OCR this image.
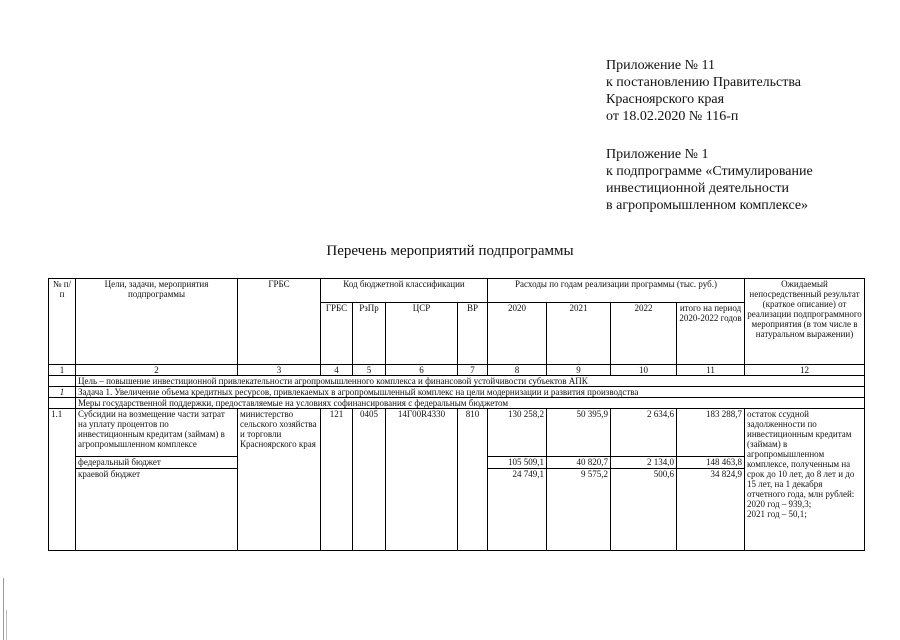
Приложение № 11
к постановлению Правительства
Красноярского края
от 18.02.2020 № 116-п
Приложение № 1
к подпрограмме «Стимулирование
инвестиционной деятельности
в агропромышленном комплексе»
Перечень мероприятий подпрограммы
№ п/п	Цели, задачи, мероприятия подпрограммы	ГРБС	Код бюджетной классификации				Расходы по годам реализации программы (тыс. руб.)				Ожидаемый непосредственный результат (краткое описание) от реализации подпрограммного мероприятия (в том числе в натуральном выражении)
			ГРБС	РзПр	ЦСР	ВР	2020	2021	2022	итого на период 2020-2022 годов	
1	2	3	4	5	6	7	8	9	10	11	12
	Цель – повышение инвестиционной привлекательности агропромышленного комплекса и финансовой устойчивости субъектов АПК										
1	Задача 1. Увеличение объема кредитных ресурсов, привлекаемых в агропромышленный комплекс на цели модернизации и развития производства										
	Меры государственной поддержки, предоставляемые на условиях софинансирования с федеральным бюджетом										
1.1	Субсидии на возмещение части затрат на уплату процентов по инвестиционным кредитам (займам) в агропромышленном комплексе	министерство сельского хозяйства и торговли Красноярского края	121	0405	14Г00R4330	810	130 258,2	50 395,9	2 634,6	183 288,7	остаток ссудной задолженности по инвестиционным кредитам (займам) в агропромышленном комплексе, полученным на срок до 10 лет, до 8 лет и до 15 лет, на 1 декабря отчетного года, млн рублей:
2020 год – 939,3;
2021 год – 50,1;

	федеральный бюджет						105 509,1	40 820,7	2 134,0	148 463,8	
	краевой бюджет						24 749,1	9 575,2	500,6	34 824,9	
